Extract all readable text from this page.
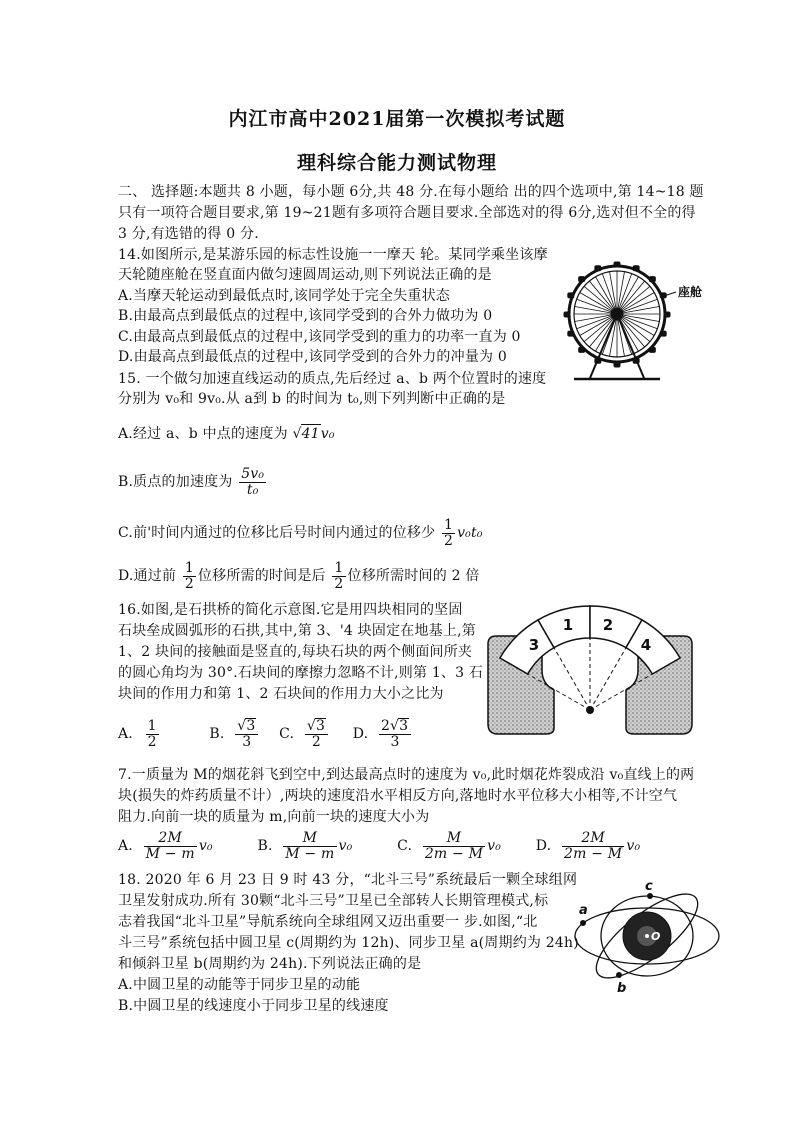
内江市高中2021届第一次模拟考试题
理科综合能力测试物理
二、 选择题:本题共 8 小题，每小题 6分,共 48 分.在每小题给 出的四个选项中,第 14~18 题
只有一项符合题目要求,第 19~21题有多项符合题目要求.全部选对的得 6分,选对但不全的得
3 分,有选错的得 0 分.
14.如图所示,是某游乐园的标志性设施一一摩天 轮。某同学乘坐该摩
天轮随座舱在竖直面内做匀速圆周运动,则下列说法正确的是
A.当摩天轮运动到最低点时,该同学处于完全失重状态
B.由最高点到最低点的过程中,该同学受到的合外力做功为 0
C.由最高点到最低点的过程中,该同学受到的重力的功率一直为 0
D.由最高点到最低点的过程中,该同学受到的合外力的冲量为 0
座舱
15. 一个做匀加速直线运动的质点,先后经过 a、b 两个位置时的速度
分别为 v₀和 9v₀.从 a到 b 的时间为 t₀,则下列判断中正确的是
A.经过 a、b 中点的速度为 √41v₀
B.质点的加速度为 $\frac{\text{5v₀}}{\text{t₀}}$
C.前'时间内通过的位移比后号时间内通过的位移少 $\frac{1}{2} v_0t_0$
D.通过前 $\frac{1}{2}$ 位移所需的时间是后 $\frac{1}{2}$ 位移所需时间的 2 倍
16.如图,是石拱桥的简化示意图.它是用四块相同的坚固
石块垒成圆弧形的石拱,其中,第 3、'4 块固定在地基上,第
1、2 块间的接触面是竖直的,每块石块的两个侧面间所夹
的圆心角均为 30°.石块间的摩擦力忽略不计,则第 1、3 石
块间的作用力和第 1、2 石块间的作用力大小之比为
3
1 2
4
A. $\frac{1}{2}$	B. $\frac{√3}{3} C$. $\frac{√3}{2} D$. $\frac{2√3}{3}$
7.一质量为 M的烟花斜飞到空中,到达最高点时的速度为 v₀,此时烟花炸裂成沿 v₀直线上的两
块(损失的炸药质量不计）,两块的速度沿水平相反方向,落地时水平位移大小相等,不计空气
阻力.向前一块的质量为 m,向前一块的速度大小为
A. $\frac{2M}{M - m} v_0$	B. $\frac{M}{M - m} v_0$	C. $\frac{M}{2m - M} v_0$ D. $\frac{2M}{2m - M} v_0$
18. 2020 年 6 月 23 日 9 时 43 分，“北斗三号”系统最后一颗全球组网
卫星发射成功.所有 30颗“北斗三号”卫星已全部转人长期管理模式,标
志着我国“北斗卫星”导航系统向全球组网又迈出重要一 步.如图,“北
斗三号”系统包括中圆卫星 c(周期约为 12h)、同步卫星 a(周期约为 24h)
和倾斜卫星 b(周期约为 24h).下列说法正确的是
A.中圆卫星的动能等于同步卫星的动能
B.中圆卫星的线速度小于同步卫星的线速度
c
a
b
O
